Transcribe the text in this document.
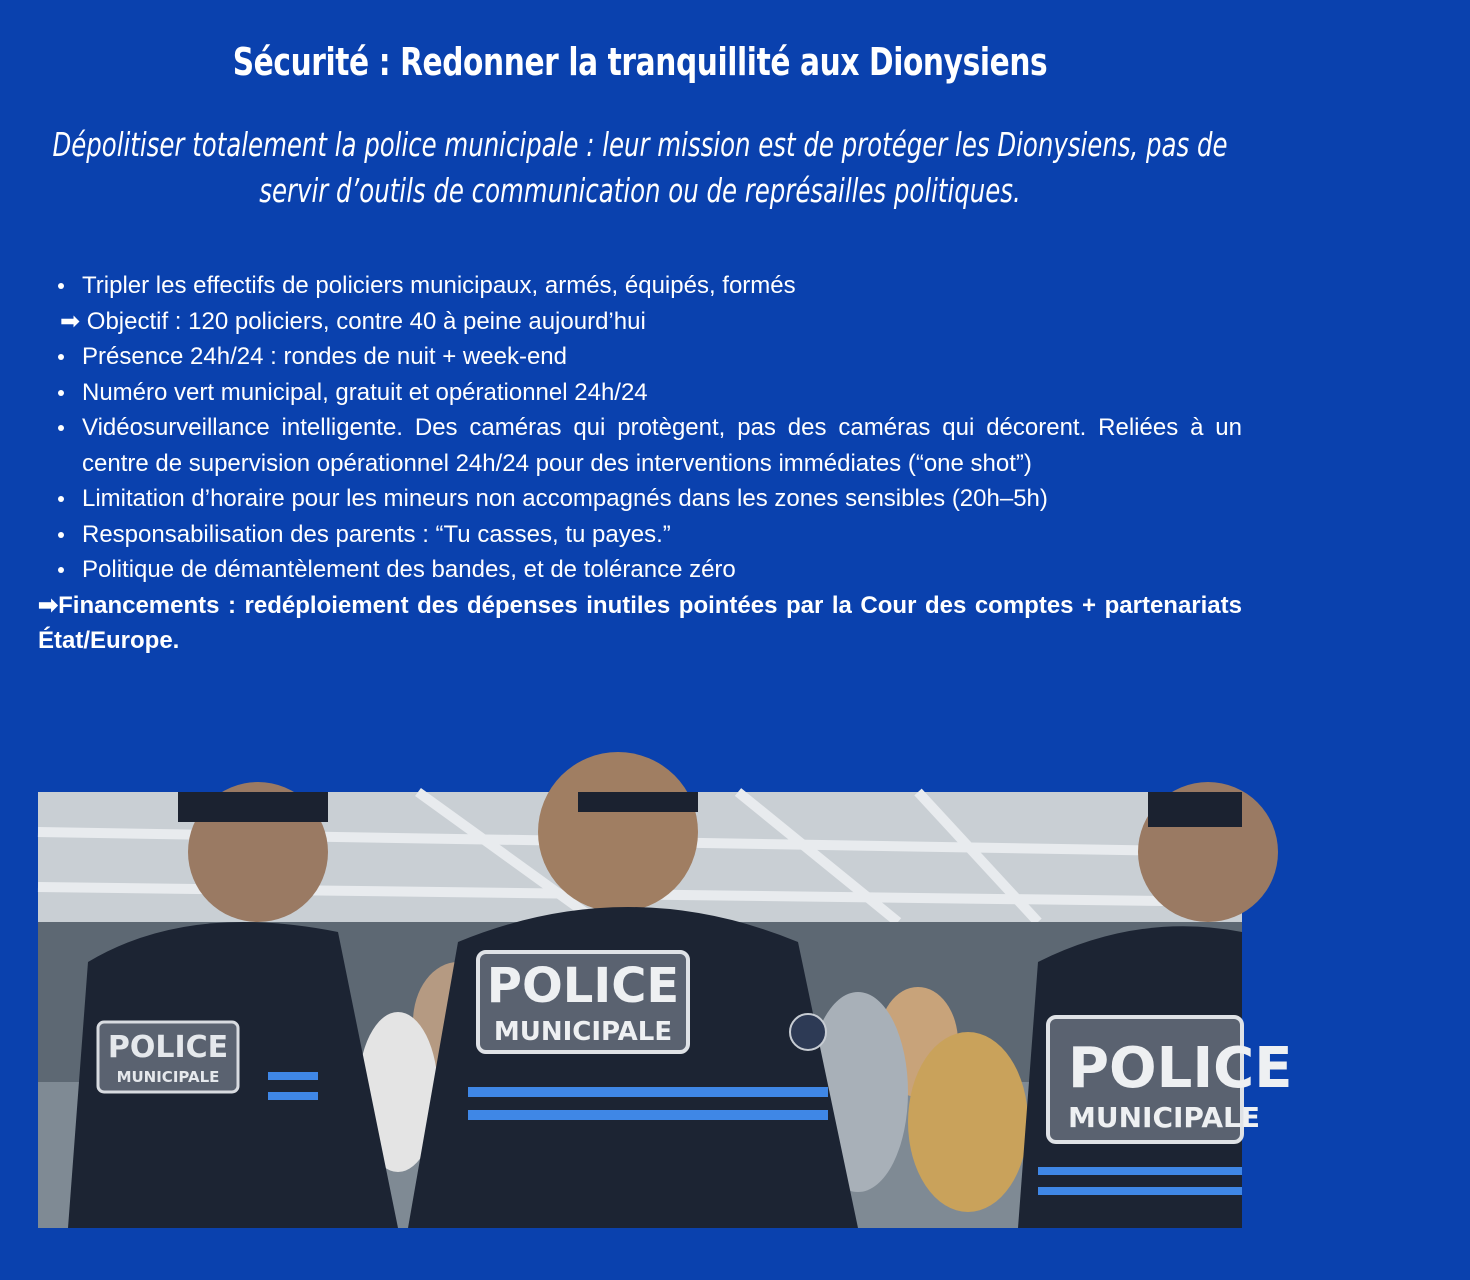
Sécurité : Redonner la tranquillité aux Dionysiens
Dépolitiser totalement la police municipale : leur mission est de protéger les Dionysiens, pas de servir d’outils de communication ou de représailles politiques.
Tripler les effectifs de policiers municipaux, armés, équipés, formés
➡ Objectif : 120 policiers, contre 40 à peine aujourd’hui
Présence 24h/24 : rondes de nuit + week-end
Numéro vert municipal, gratuit et opérationnel 24h/24
Vidéosurveillance intelligente. Des caméras qui protègent, pas des caméras qui décorent. Reliées à un centre de supervision opérationnel 24h/24 pour des interventions immédiates (“one shot”)
Limitation d’horaire pour les mineurs non accompagnés dans les zones sensibles (20h–5h)
Responsabilisation des parents : “Tu casses, tu payes.”
Politique de démantèlement des bandes, et de tolérance zéro
➡Financements : redéploiement des dépenses inutiles pointées par la Cour des comptes + partenariats État/Europe.
POLICE
MUNICIPALE
POLICE
MUNICIPALE
POLICE
MUNICIPALE
